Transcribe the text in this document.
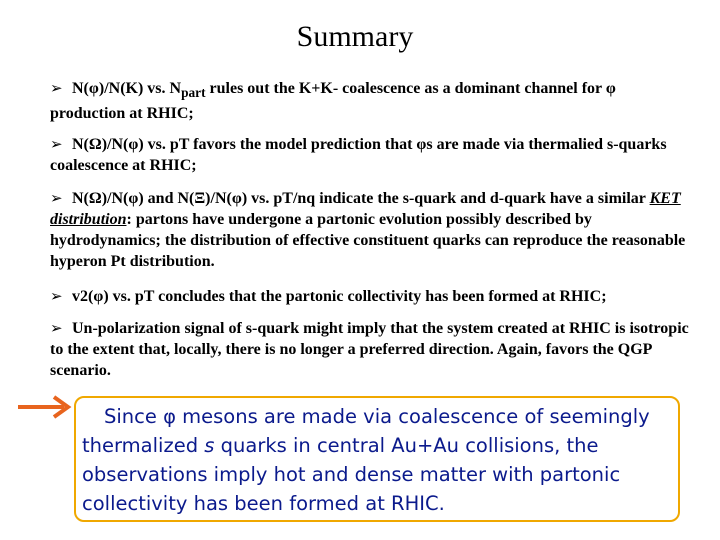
Summary
➢ N(φ)/N(K) vs. $N_{part}$ rules out the K+K- coalescence as a dominant channel for φ production at RHIC;
➢ N(Ω)/N(φ) vs. pT favors the model prediction that φs are made via thermalied s-quarks coalescence at RHIC;
➢ N(Ω)/N(φ) and N(Ξ)/N(φ) vs. pT/nq indicate the s-quark and d-quark have a similar KET distribution: partons have undergone a partonic evolution possibly described by hydrodynamics; the distribution of effective constituent quarks can reproduce the reasonable hyperon Pt distribution.
➢ v2(φ) vs. pT concludes that the partonic collectivity has been formed at RHIC;
➢ Un-polarization signal of s-quark might imply that the system created at RHIC is isotropic to the extent that, locally, there is no longer a preferred direction. Again, favors the QGP scenario.
Since φ mesons are made via coalescence of seemingly thermalized s quarks in central Au+Au collisions, the observations imply hot and dense matter with partonic collectivity has been formed at RHIC.
